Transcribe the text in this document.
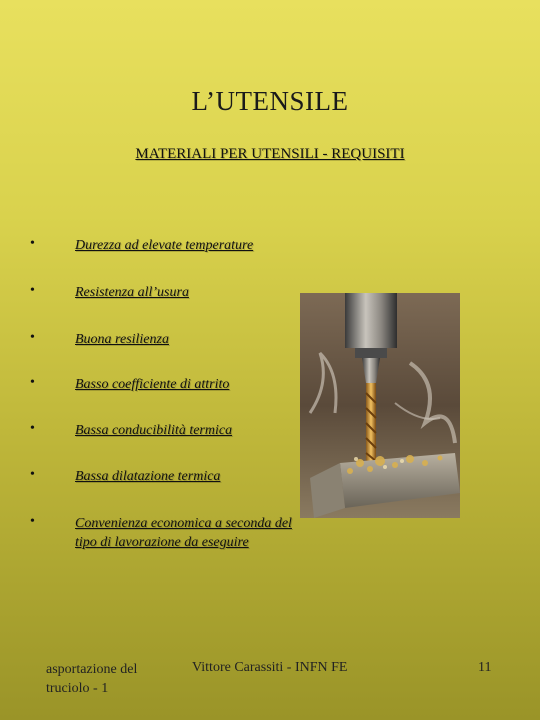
L’UTENSILE
MATERIALI PER UTENSILI - REQUISITI
•	Durezza ad elevate temperature
•	Resistenza all’usura
•	Buona resilienza
•	Basso coefficiente di attrito
•	Bassa conducibilità termica
•	Bassa dilatazione termica
•	Convenienza economica a seconda del tipo di lavorazione da eseguire
asportazione del truciolo - 1
Vittore Carassiti - INFN FE	11
